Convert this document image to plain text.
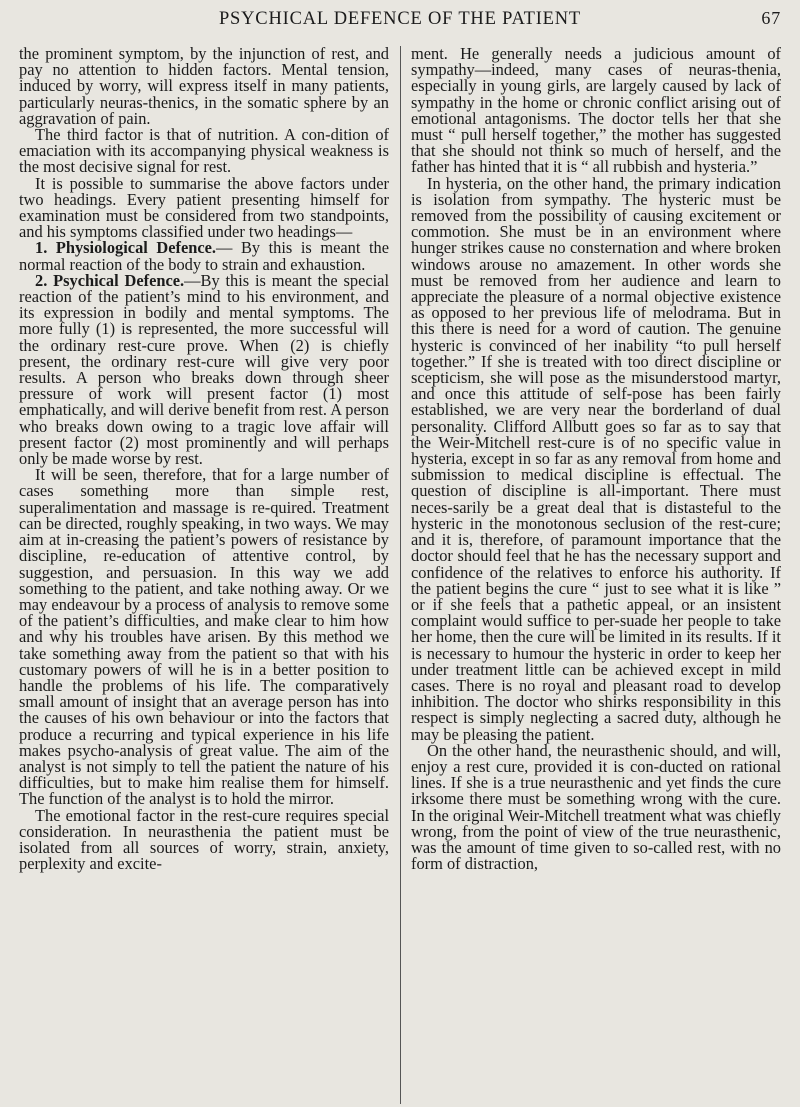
PSYCHICAL DEFENCE OF THE PATIENT	67

the prominent symptom, by the injunction of rest, and pay no attention to hidden factors. Mental tension, induced by worry, will express itself in many patients, particularly neuras-thenics, in the somatic sphere by an aggravation of pain.

The third factor is that of nutrition. A con-dition of emaciation with its accompanying physical weakness is the most decisive signal for rest.

It is possible to summarise the above factors under two headings. Every patient presenting himself for examination must be considered from two standpoints, and his symptoms classified under two headings—

1. Physiological Defence.— By this is meant the normal reaction of the body to strain and exhaustion.

2. Psychical Defence.—By this is meant the special reaction of the patient’s mind to his environment, and its expression in bodily and mental symptoms. The more fully (1) is represented, the more successful will the ordinary rest-cure prove. When (2) is chiefly present, the ordinary rest-cure will give very poor results. A person who breaks down through sheer pressure of work will present factor (1) most emphatically, and will derive benefit from rest. A person who breaks down owing to a tragic love affair will present factor (2) most prominently and will perhaps only be made worse by rest.

It will be seen, therefore, that for a large number of cases something more than simple rest, superalimentation and massage is re-quired. Treatment can be directed, roughly speaking, in two ways. We may aim at in-creasing the patient’s powers of resistance by discipline, re-education of attentive control, by suggestion, and persuasion. In this way we add something to the patient, and take nothing away. Or we may endeavour by a process of analysis to remove some of the patient’s difficulties, and make clear to him how and why his troubles have arisen. By this method we take something away from the patient so that with his customary powers of will he is in a better position to handle the problems of his life. The comparatively small amount of insight that an average person has into the causes of his own behaviour or into the factors that produce a recurring and typical experience in his life makes psycho-analysis of great value. The aim of the analyst is not simply to tell the patient the nature of his difficulties, but to make him realise them for himself. The function of the analyst is to hold the mirror.

The emotional factor in the rest-cure requires special consideration. In neurasthenia the patient must be isolated from all sources of worry, strain, anxiety, perplexity and excite-

ment. He generally needs a judicious amount of sympathy—indeed, many cases of neuras-thenia, especially in young girls, are largely caused by lack of sympathy in the home or chronic conflict arising out of emotional antagonisms. The doctor tells her that she must “ pull herself together,” the mother has suggested that she should not think so much of herself, and the father has hinted that it is “ all rubbish and hysteria.”

In hysteria, on the other hand, the primary indication is isolation from sympathy. The hysteric must be removed from the possibility of causing excitement or commotion. She must be in an environment where hunger strikes cause no consternation and where broken windows arouse no amazement. In other words she must be removed from her audience and learn to appreciate the pleasure of a normal objective existence as opposed to her previous life of melodrama. But in this there is need for a word of caution. The genuine hysteric is convinced of her inability “to pull herself together.” If she is treated with too direct discipline or scepticism, she will pose as the misunderstood martyr, and once this attitude of self-pose has been fairly established, we are very near the borderland of dual personality. Clifford Allbutt goes so far as to say that the Weir-Mitchell rest-cure is of no specific value in hysteria, except in so far as any removal from home and submission to medical discipline is effectual. The question of discipline is all-important. There must neces-sarily be a great deal that is distasteful to the hysteric in the monotonous seclusion of the rest-cure; and it is, therefore, of paramount importance that the doctor should feel that he has the necessary support and confidence of the relatives to enforce his authority. If the patient begins the cure “ just to see what it is like ” or if she feels that a pathetic appeal, or an insistent complaint would suffice to per-suade her people to take her home, then the cure will be limited in its results. If it is necessary to humour the hysteric in order to keep her under treatment little can be achieved except in mild cases. There is no royal and pleasant road to develop inhibition. The doctor who shirks responsibility in this respect is simply neglecting a sacred duty, although he may be pleasing the patient.

On the other hand, the neurasthenic should, and will, enjoy a rest cure, provided it is con-ducted on rational lines. If she is a true neurasthenic and yet finds the cure irksome there must be something wrong with the cure. In the original Weir-Mitchell treatment what was chiefly wrong, from the point of view of the true neurasthenic, was the amount of time given to so-called rest, with no form of distraction,
